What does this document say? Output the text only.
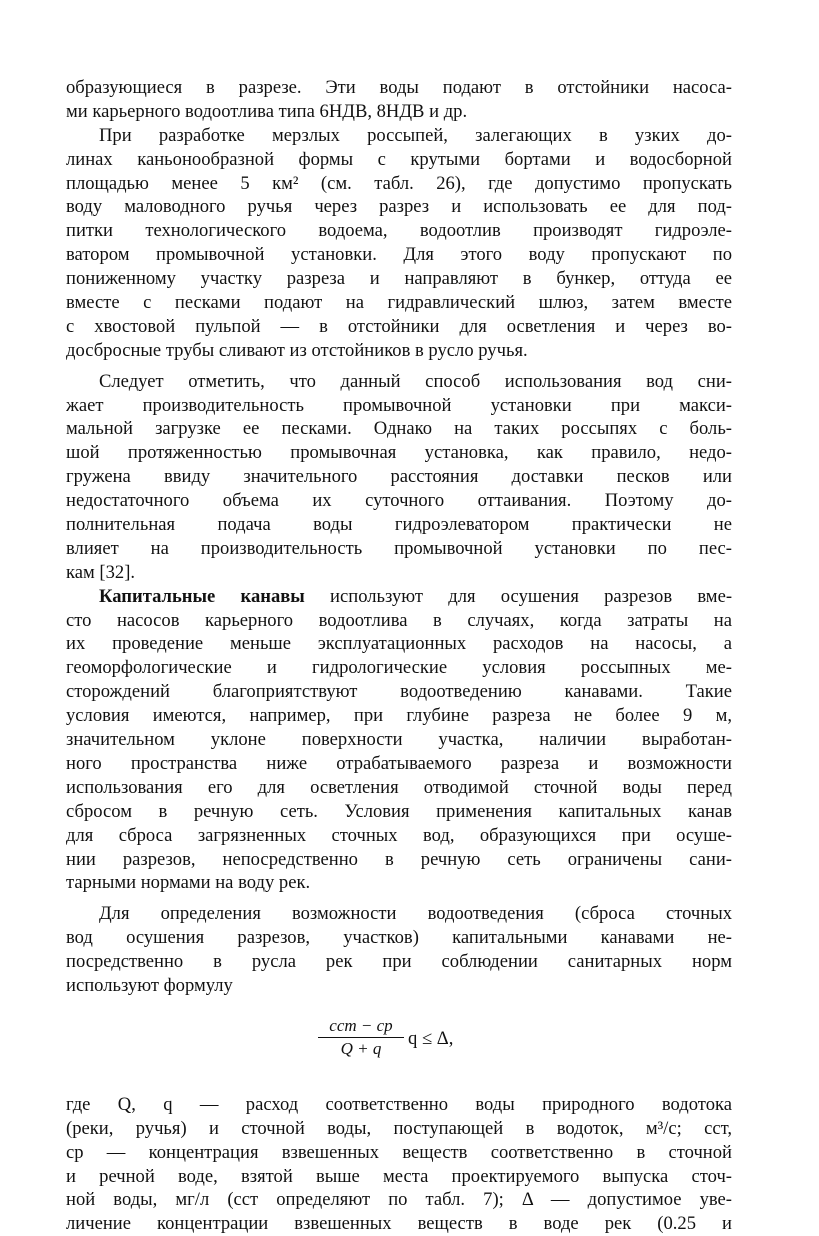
образующиеся в разрезе. Эти воды подают в отстойники насоса-
ми карьерного водоотлива типа 6НДВ, 8НДВ и др.
При разработке мерзлых россыпей, залегающих в узких до-
линах каньонообразной формы с крутыми бортами и водосборной
площадью менее 5 км² (см. табл. 26), где допустимо пропускать
воду маловодного ручья через разрез и использовать ее для под-
питки технологического водоема, водоотлив производят гидроэле-
ватором промывочной установки. Для этого воду пропускают по
пониженному участку разреза и направляют в бункер, оттуда ее
вместе с песками подают на гидравлический шлюз, затем вместе
с хвостовой пульпой — в отстойники для осветления и через во-
досбросные трубы сливают из отстойников в русло ручья.
Следует отметить, что данный способ использования вод сни-
жает производительность промывочной установки при макси-
мальной загрузке ее песками. Однако на таких россыпях с боль-
шой протяженностью промывочная установка, как правило, недо-
гружена ввиду значительного расстояния доставки песков или
недостаточного объема их суточного оттаивания. Поэтому до-
полнительная подача воды гидроэлеватором практически не
влияет на производительность промывочной установки по пес-
кам [32].
Капитальные канавы используют для осушения разрезов вме-
сто насосов карьерного водоотлива в случаях, когда затраты на
их проведение меньше эксплуатационных расходов на насосы, а
геоморфологические и гидрологические условия россыпных ме-
сторождений благоприятствуют водоотведению канавами. Такие
условия имеются, например, при глубине разреза не более 9 м,
значительном уклоне поверхности участка, наличии выработан-
ного пространства ниже отрабатываемого разреза и возможности
использования его для осветления отводимой сточной воды перед
сбросом в речную сеть. Условия применения капитальных канав
для сброса загрязненных сточных вод, образующихся при осуше-
нии разрезов, непосредственно в речную сеть ограничены сани-
тарными нормами на воду рек.
Для определения возможности водоотведения (сброса сточных
вод осушения разрезов, участков) капитальными канавами не-
посредственно в русла рек при соблюдении санитарных норм
используют формулу
cст − cр
Q + q	q ≤ Δ,
где Q, q — расход соответственно воды природного водотока
(реки, ручья) и сточной воды, поступающей в водоток, м³/с; cст,
cр — концентрация взвешенных веществ соответственно в сточной
и речной воде, взятой выше места проектируемого выпуска сточ-
ной воды, мг/л (cст определяют по табл. 7); Δ — допустимое уве-
личение концентрации взвешенных веществ в воде рек (0.25 и
